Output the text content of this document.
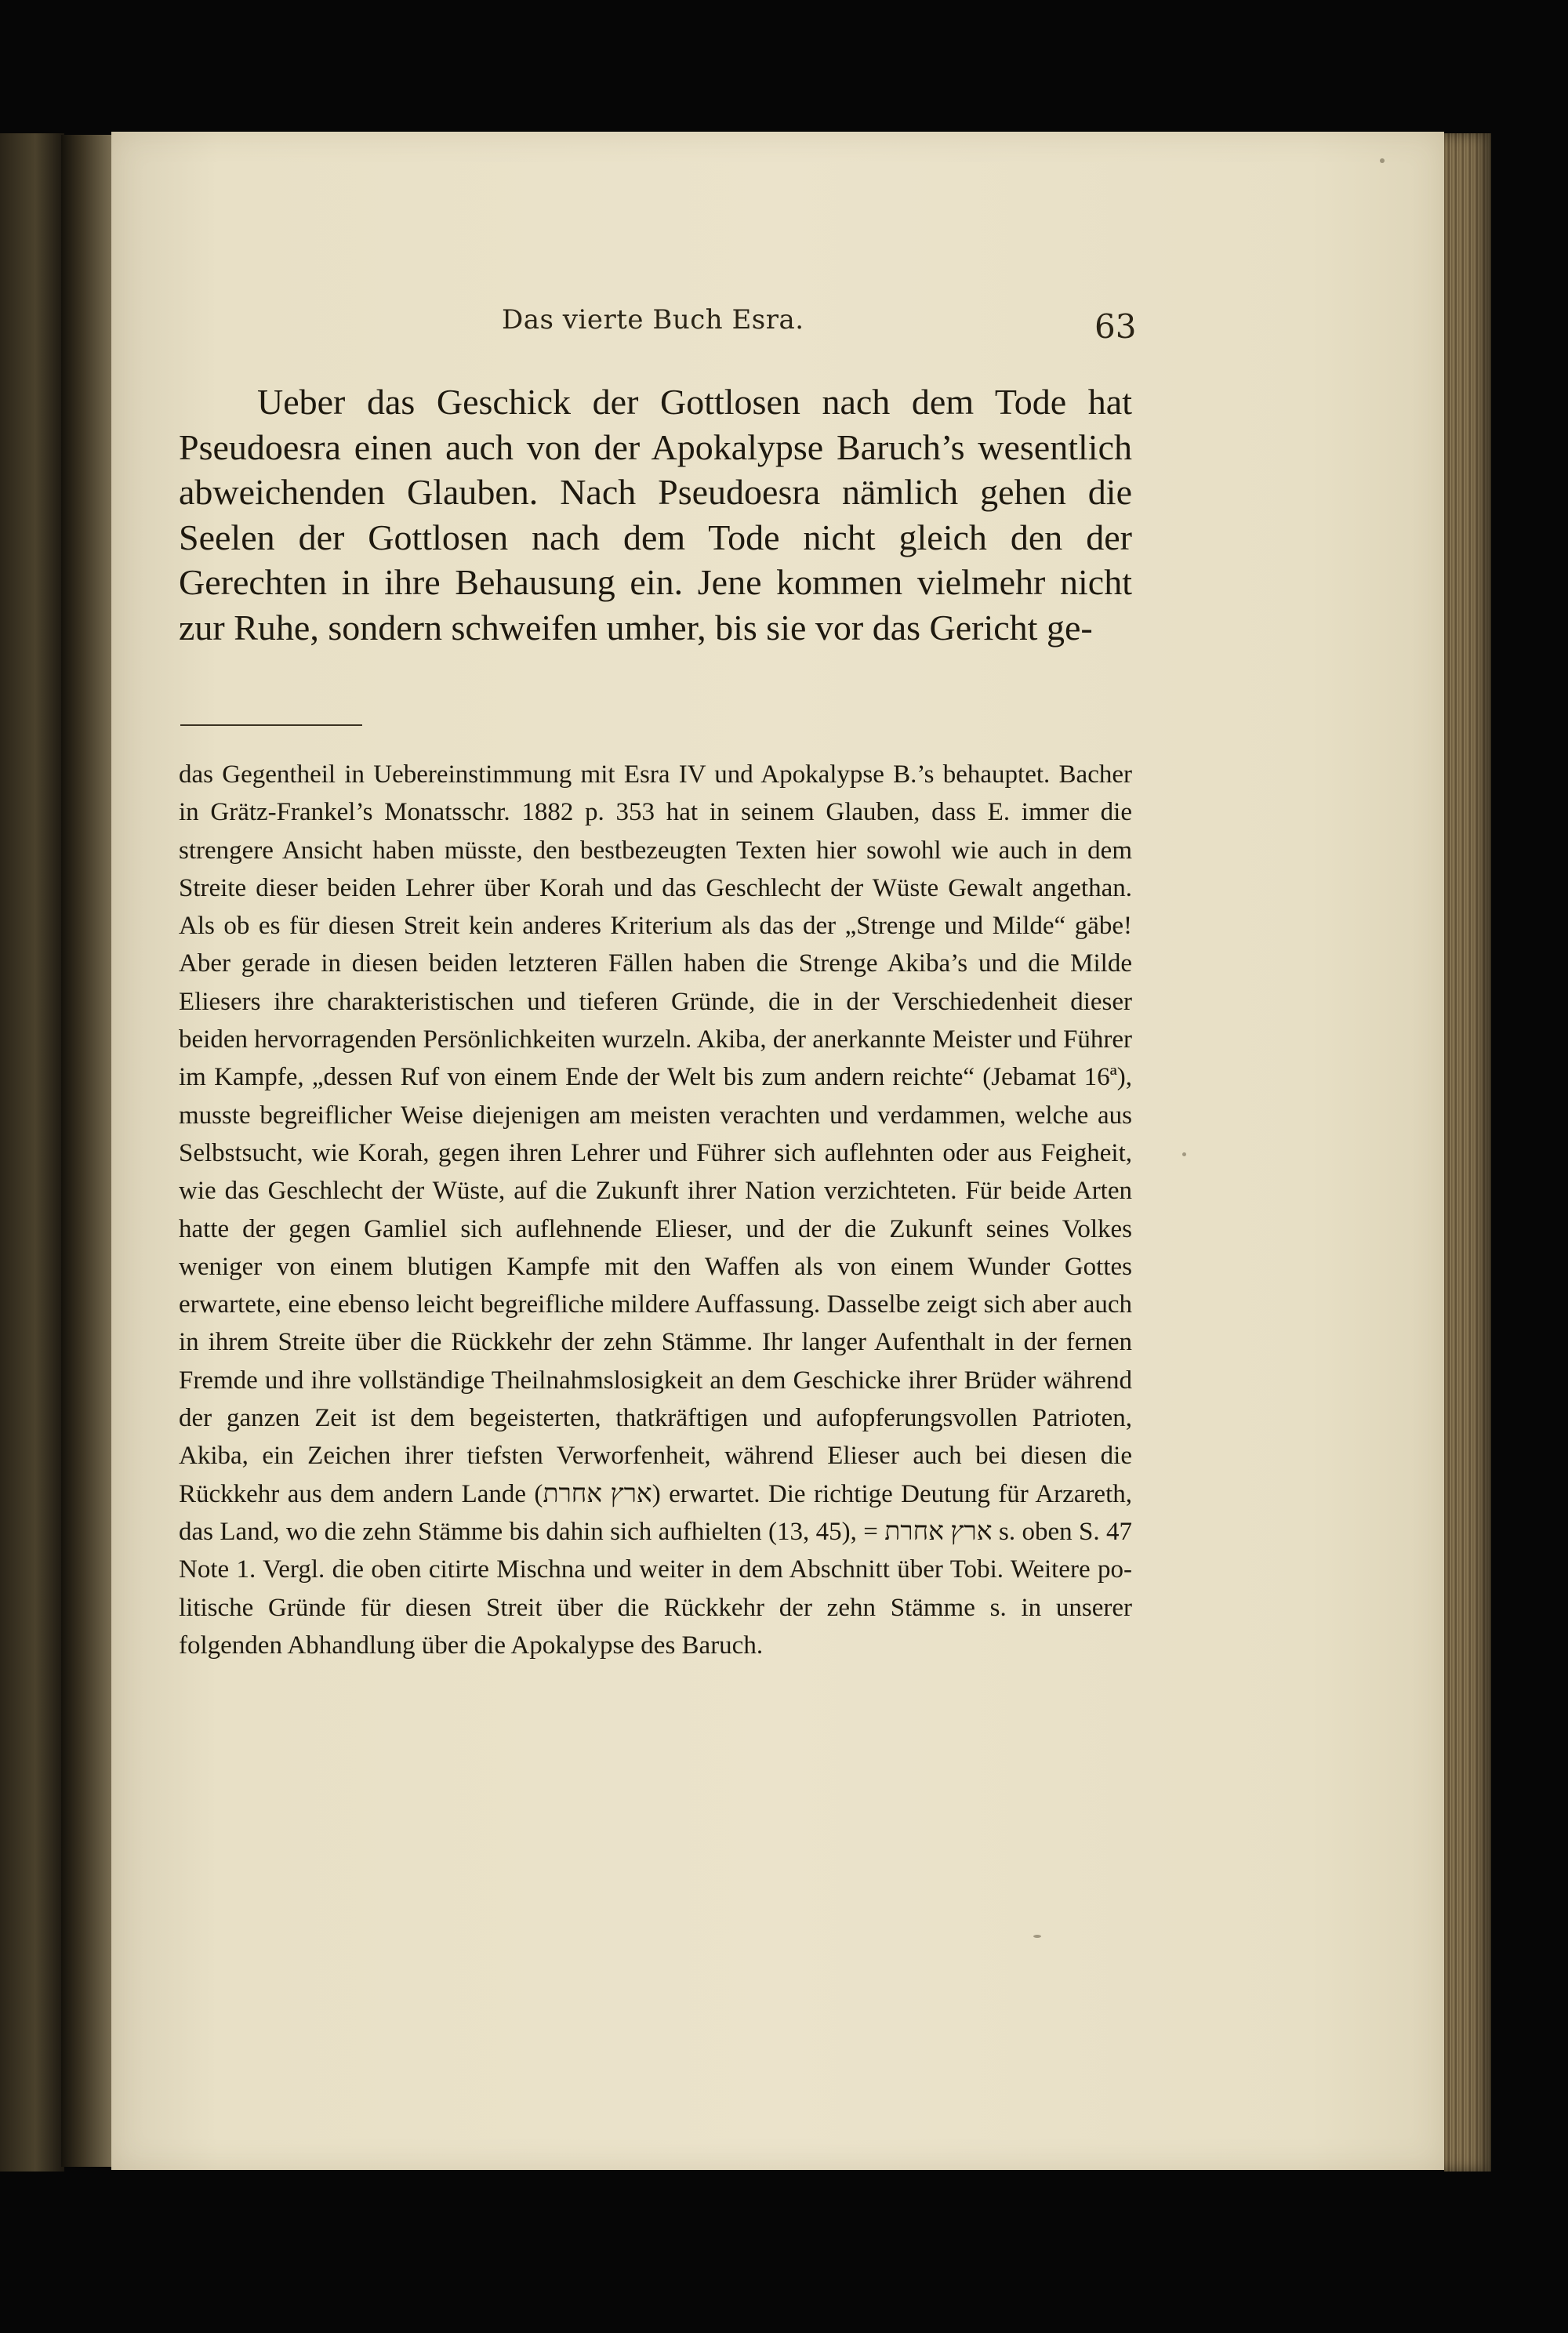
Das vierte Buch Esra.	63
Ueber das Geschick der Gottlosen nach dem Tode hat Pseudoesra einen auch von der Apokalypse Baruch’s wesentlich abweichenden Glauben. Nach Pseudoesra nämlich gehen die Seelen der Gottlosen nach dem Tode nicht gleich den der Gerechten in ihre Behausung ein. Jene kommen vielmehr nicht zur Ruhe, sondern schweifen umher, bis sie vor das Gericht ge-
das Gegentheil in Uebereinstimmung mit Esra IV und Apokalypse B.’s behauptet. Bacher in Grätz-Frankel’s Monatsschr. 1882 p. 353 hat in seinem Glauben, dass E. immer die strengere Ansicht haben müsste, den bestbezeugten Texten hier sowohl wie auch in dem Streite dieser beiden Lehrer über Korah und das Geschlecht der Wüste Gewalt angethan. Als ob es für diesen Streit kein anderes Kriterium als das der „Strenge und Milde“ gäbe! Aber gerade in diesen beiden letzteren Fällen haben die Strenge Akiba’s und die Milde Eliesers ihre charakteristischen und tieferen Gründe, die in der Verschiedenheit dieser beiden hervorragenden Persönlichkeiten wurzeln. Akiba, der anerkannte Meister und Führer im Kampfe, „dessen Ruf von einem Ende der Welt bis zum andern reichte“ (Jebamat 16ª), musste begreiflicher Weise diejenigen am meisten verachten und verdammen, welche aus Selbstsucht, wie Korah, gegen ihren Lehrer und Führer sich auflehnten oder aus Feigheit, wie das Geschlecht der Wüste, auf die Zukunft ihrer Nation verzichteten. Für beide Arten hatte der gegen Gamliel sich auflehnende Elieser, und der die Zukunft seines Volkes weniger von einem blutigen Kampfe mit den Waffen als von einem Wunder Gottes erwartete, eine ebenso leicht begreifliche mildere Auffassung. Dasselbe zeigt sich aber auch in ihrem Streite über die Rückkehr der zehn Stämme. Ihr langer Aufenthalt in der fernen Fremde und ihre vollständige Theilnahmslosigkeit an dem Geschicke ihrer Brüder während der ganzen Zeit ist dem begeisterten, thatkräftigen und aufopferungsvollen Patrioten, Akiba, ein Zeichen ihrer tiefsten Verworfenheit, während Elieser auch bei diesen die Rückkehr aus dem andern Lande (ארץ אחרת) erwartet. Die richtige Deutung für Arzareth, das Land, wo die zehn Stämme bis dahin sich aufhielten (13, 45), = ארץ אחרת s. oben S. 47 Note 1. Vergl. die oben citirte Mischna und weiter in dem Abschnitt über Tobi. Weitere politische Gründe für diesen Streit über die Rückkehr der zehn Stämme s. in unserer folgenden Abhandlung über die Apokalypse des Baruch.
